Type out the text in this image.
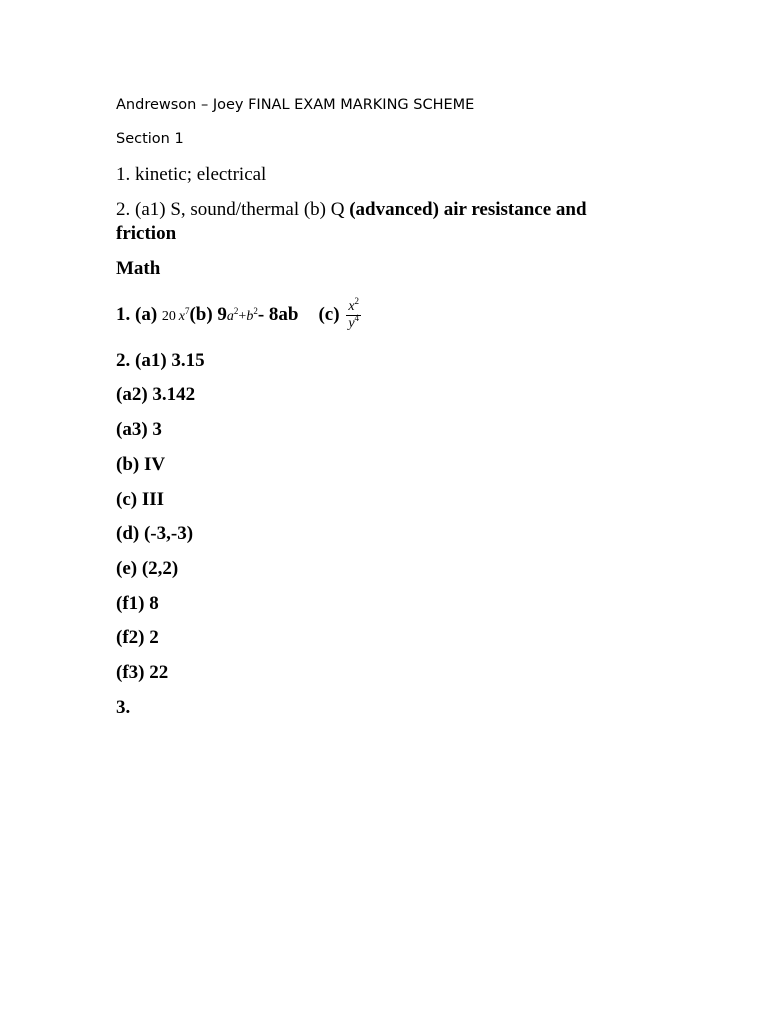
Andrewson – Joey FINAL EXAM MARKING SCHEME
Section 1
1. kinetic; electrical
2. (a1) S, sound/thermal (b) Q (advanced) air resistance and
friction
Math
1. (a) 20  $x^7(b)$ $9a^2+b^2-$ 8ab $(c) \frac{x^2}{y^4}$
2. (a1) 3.15
(a2) 3.142
(a3) 3
(b) IV
(c) III
(d) (-3,-3)
(e) (2,2)
(f1) 8
(f2) 2
(f3) 22
3.
